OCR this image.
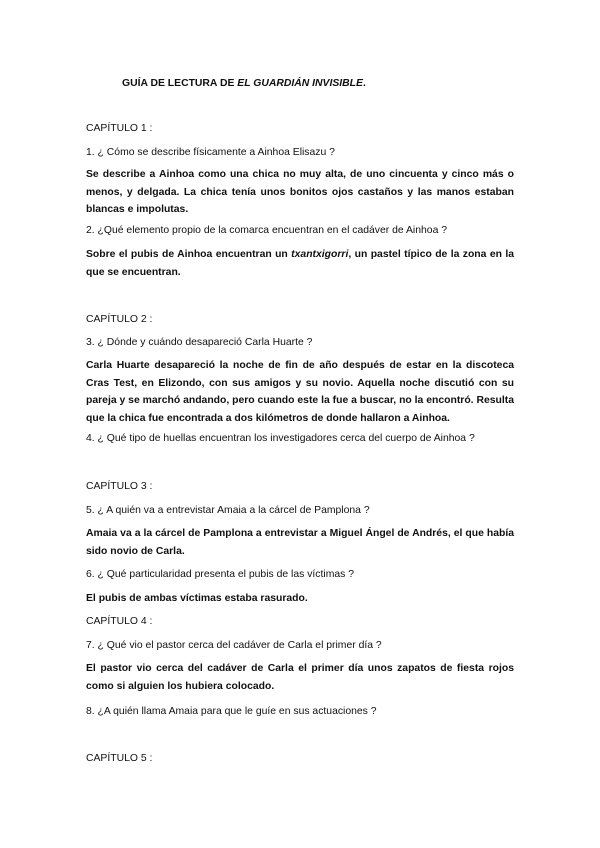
GUÍA DE LECTURA DE EL GUARDIÁN INVISIBLE.
CAPÍTULO 1 :
1. ¿ Cómo se describe físicamente a Ainhoa Elisazu ?
Se describe a Ainhoa como una chica no muy alta, de uno cincuenta y cinco más o menos, y delgada. La chica tenía unos bonitos ojos castaños y las manos estaban blancas e impolutas.
2. ¿Qué elemento propio de la comarca encuentran en el cadáver de Ainhoa ?
Sobre el pubis de Ainhoa encuentran un txantxigorri, un pastel típico de la zona en la que se encuentran.
CAPÍTULO 2 :
3. ¿ Dónde y cuándo desapareció Carla Huarte ?
Carla Huarte desapareció la noche de fin de año después de estar en la discoteca Cras Test, en Elizondo, con sus amigos y su novio. Aquella noche discutió con su pareja y se marchó andando, pero cuando este la fue a buscar, no la encontró. Resulta que la chica fue encontrada a dos kilómetros de donde hallaron a Ainhoa.
4. ¿ Qué tipo de huellas encuentran los investigadores cerca del cuerpo de Ainhoa ?
CAPÍTULO 3 :
5. ¿ A quién va a entrevistar Amaia a la cárcel de Pamplona ?
Amaia va a la cárcel de Pamplona a entrevistar a Miguel Ángel de Andrés, el que había sido novio de Carla.
6. ¿ Qué particularidad presenta el pubis de las víctimas ?
El pubis de ambas víctimas estaba rasurado.
CAPÍTULO 4 :
7. ¿ Qué vio el pastor cerca del cadáver de Carla el primer día ?
El pastor vio cerca del cadáver de Carla el primer día unos zapatos de fiesta rojos como si alguien los hubiera colocado.
8. ¿A quién llama Amaia para que le guíe en sus actuaciones ?
CAPÍTULO 5 :
